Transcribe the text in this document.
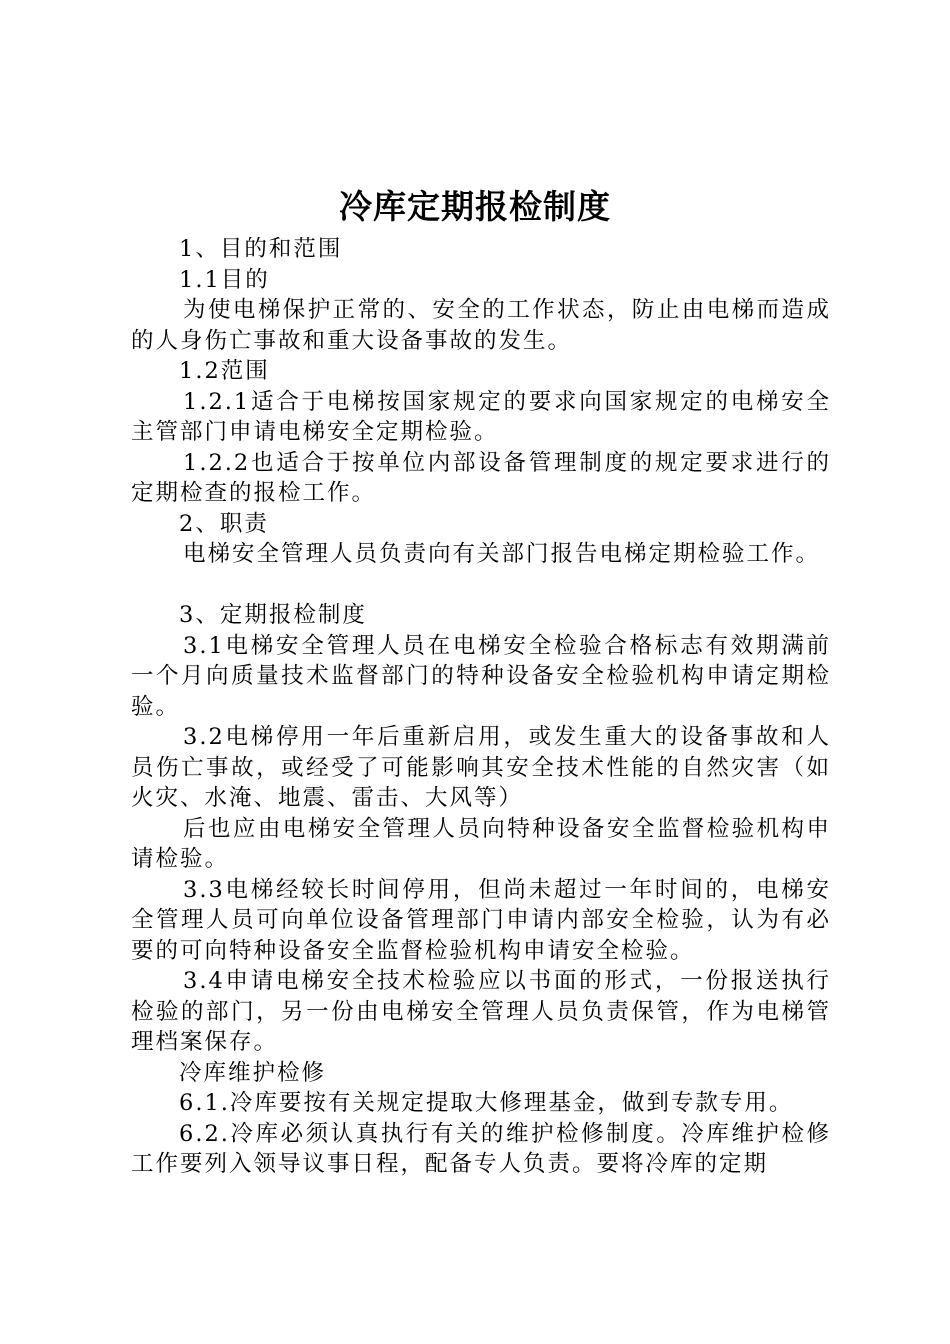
冷库定期报检制度

1、目的和范围

1.1目的

为使电梯保护正常的、安全的工作状态，防止由电梯而造成的人身伤亡事故和重大设备事故的发生。

1.2范围

1.2.1适合于电梯按国家规定的要求向国家规定的电梯安全主管部门申请电梯安全定期检验。

1.2.2也适合于按单位内部设备管理制度的规定要求进行的定期检查的报检工作。

2、职责

电梯安全管理人员负责向有关部门报告电梯定期检验工作。

3、定期报检制度

3.1电梯安全管理人员在电梯安全检验合格标志有效期满前一个月向质量技术监督部门的特种设备安全检验机构申请定期检验。

3.2电梯停用一年后重新启用，或发生重大的设备事故和人员伤亡事故，或经受了可能影响其安全技术性能的自然灾害（如火灾、水淹、地震、雷击、大风等）

后也应由电梯安全管理人员向特种设备安全监督检验机构申请检验。

3.3电梯经较长时间停用，但尚未超过一年时间的，电梯安全管理人员可向单位设备管理部门申请内部安全检验，认为有必要的可向特种设备安全监督检验机构申请安全检验。

3.4申请电梯安全技术检验应以书面的形式，一份报送执行检验的部门，另一份由电梯安全管理人员负责保管，作为电梯管理档案保存。

冷库维护检修

6.1.冷库要按有关规定提取大修理基金，做到专款专用。

6.2.冷库必须认真执行有关的维护检修制度。冷库维护检修工作要列入领导议事日程，配备专人负责。要将冷库的定期
